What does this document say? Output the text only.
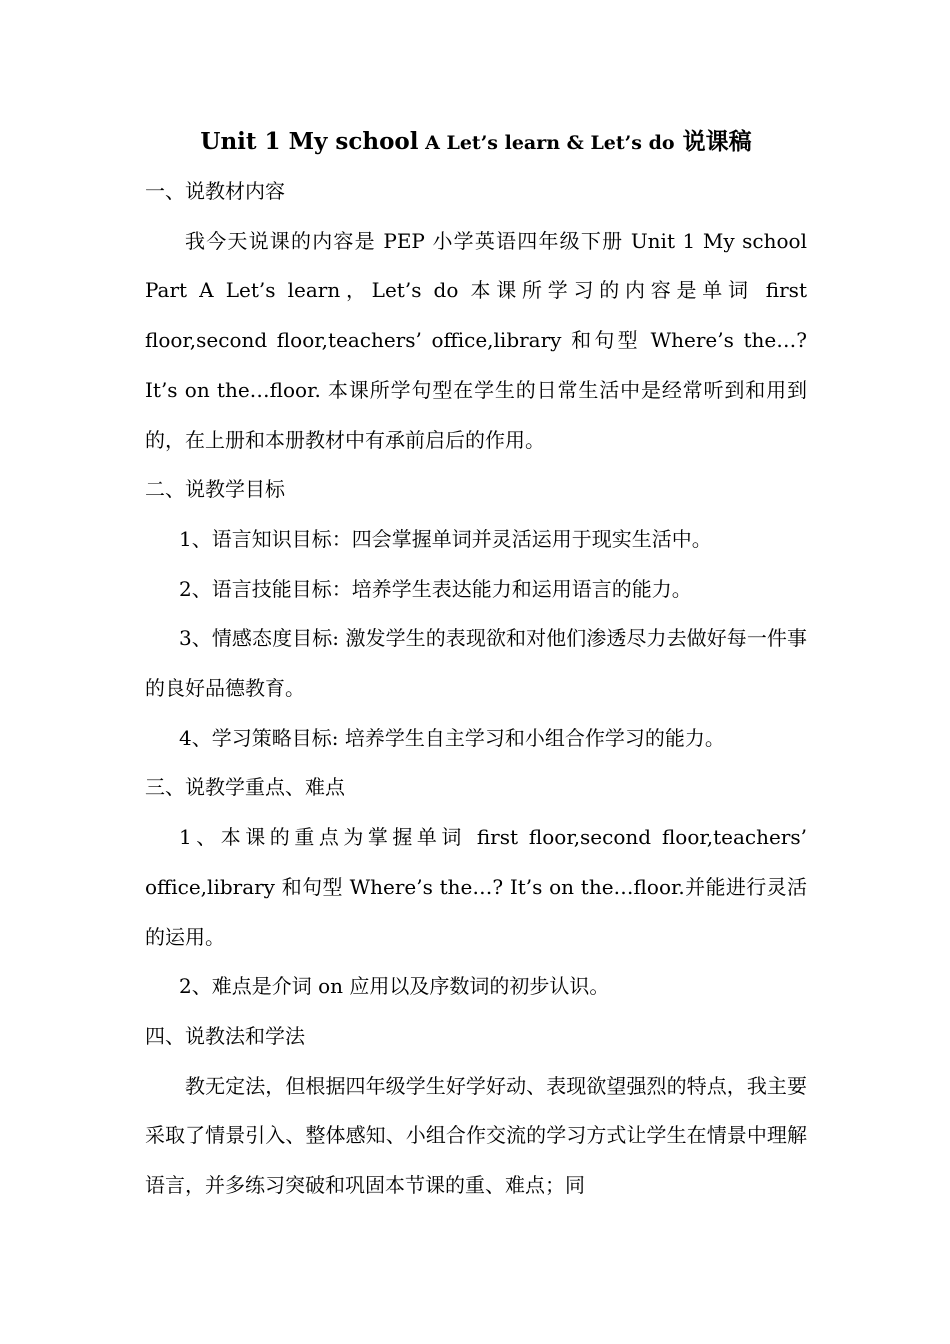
Unit 1 My school A Let’s learn & Let’s do 说课稿

一、说教材内容

我今天说课的内容是 PEP 小学英语四年级下册 Unit 1 My school Part A Let’s learn，Let’s do 本课所学习的内容是单词 first floor,second floor,teachers’ office,library 和句型 Where’s the…? It’s on the…floor. 本课所学句型在学生的日常生活中是经常听到和用到的，在上册和本册教材中有承前启后的作用。

二、说教学目标

1、语言知识目标：四会掌握单词并灵活运用于现实生活中。

2、语言技能目标：培养学生表达能力和运用语言的能力。

3、情感态度目标: 激发学生的表现欲和对他们渗透尽力去做好每一件事的良好品德教育。

4、学习策略目标: 培养学生自主学习和小组合作学习的能力。

三、说教学重点、难点

1、本课的重点为掌握单词 first floor,second floor,teachers’ office,library 和句型 Where’s the…? It’s on the…floor.并能进行灵活的运用。

2、难点是介词 on 应用以及序数词的初步认识。

四、说教法和学法

教无定法，但根据四年级学生好学好动、表现欲望强烈的特点，我主要采取了情景引入、整体感知、小组合作交流的学习方式让学生在情景中理解语言，并多练习突破和巩固本节课的重、难点；同
